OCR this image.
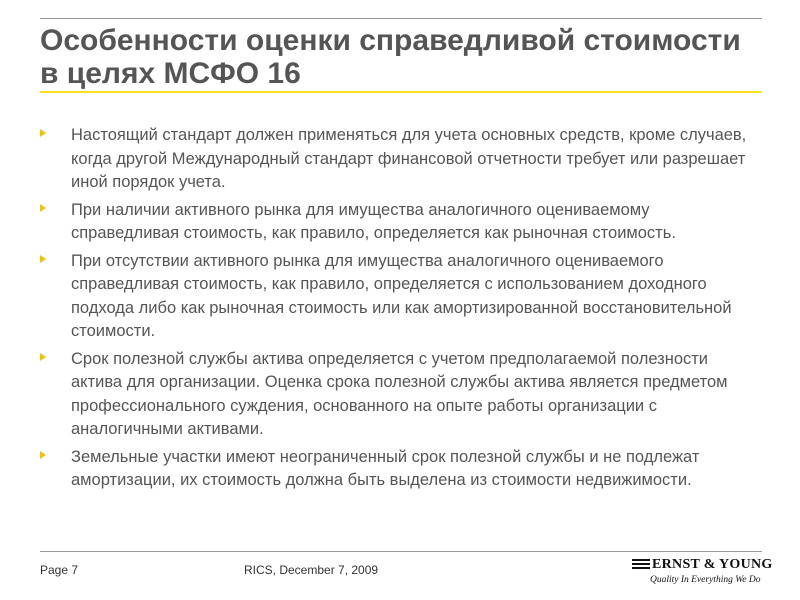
Особенности оценки справедливой стоимости в целях МСФО 16
Настоящий стандарт должен применяться для учета основных средств, кроме случаев, когда другой Международный стандарт финансовой отчетности требует или разрешает иной порядок учета.
При наличии активного рынка для имущества аналогичного оцениваемому справедливая стоимость, как правило, определяется как рыночная стоимость.
При отсутствии активного рынка для имущества аналогичного оцениваемого справедливая стоимость, как правило, определяется с использованием доходного подхода либо как рыночная стоимость или как амортизированной восстановительной стоимости.
Срок полезной службы актива определяется с учетом предполагаемой полезности актива для организации. Оценка срока полезной службы актива является предметом профессионального суждения, основанного на опыте работы организации с аналогичными активами.
Земельные участки имеют неограниченный срок полезной службы и не подлежат амортизации, их стоимость должна быть выделена из стоимости недвижимости.
Page 7	RICS, December 7, 2009	ERNST & YOUNG
Quality In Everything We Do
